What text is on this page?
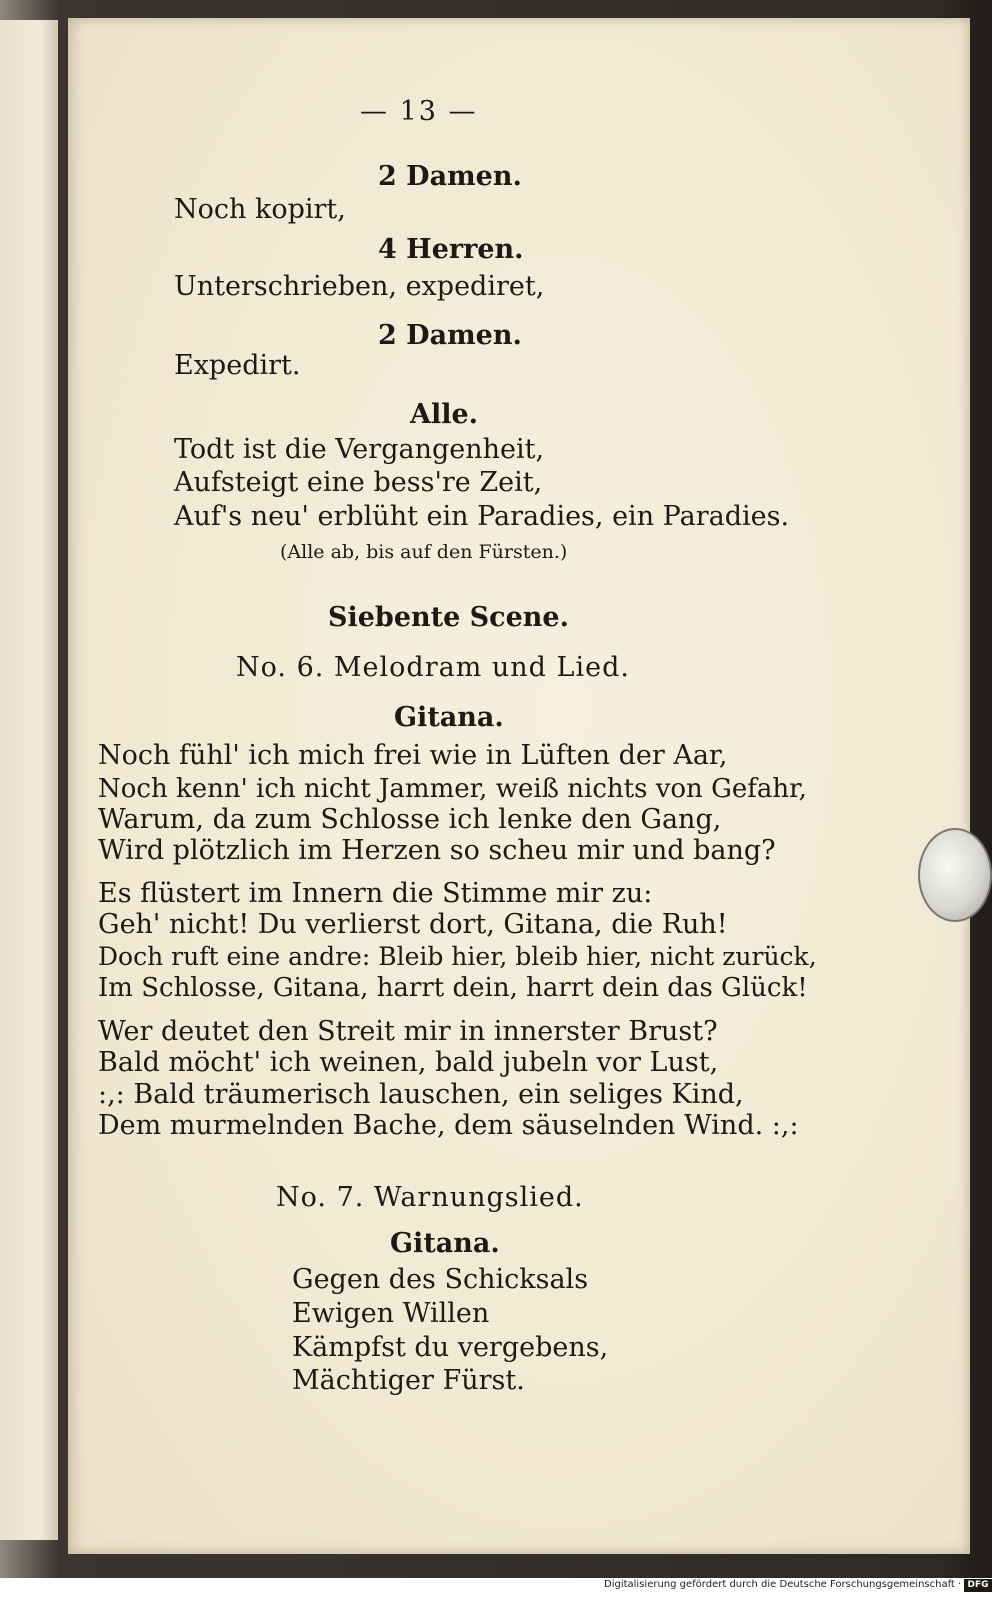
— 13 —
2 Damen.
Noch kopirt,
4 Herren.
Unterschrieben, expediret,
2 Damen.
Expedirt.
Alle.
Todt ist die Vergangenheit,
Aufsteigt eine bess're Zeit,
Auf's neu' erblüht ein Paradies, ein Paradies.
(Alle ab, bis auf den Fürsten.)
Siebente Scene.
No. 6. Melodram und Lied.
Gitana.
Noch fühl' ich mich frei wie in Lüften der Aar,
Noch kenn' ich nicht Jammer, weiß nichts von Gefahr,
Warum, da zum Schlosse ich lenke den Gang,
Wird plötzlich im Herzen so scheu mir und bang?
Es flüstert im Innern die Stimme mir zu:
Geh' nicht! Du verlierst dort, Gitana, die Ruh!
Doch ruft eine andre: Bleib hier, bleib hier, nicht zurück,
Im Schlosse, Gitana, harrt dein, harrt dein das Glück!
Wer deutet den Streit mir in innerster Brust?
Bald möcht' ich weinen, bald jubeln vor Lust,
:,: Bald träumerisch lauschen, ein seliges Kind,
Dem murmelnden Bache, dem säuselnden Wind. :,:
No. 7. Warnungslied.
Gitana.
Gegen des Schicksals
Ewigen Willen
Kämpfst du vergebens,
Mächtiger Fürst.
Digitalisierung gefördert durch die Deutsche Forschungsgemeinschaft · DFG
